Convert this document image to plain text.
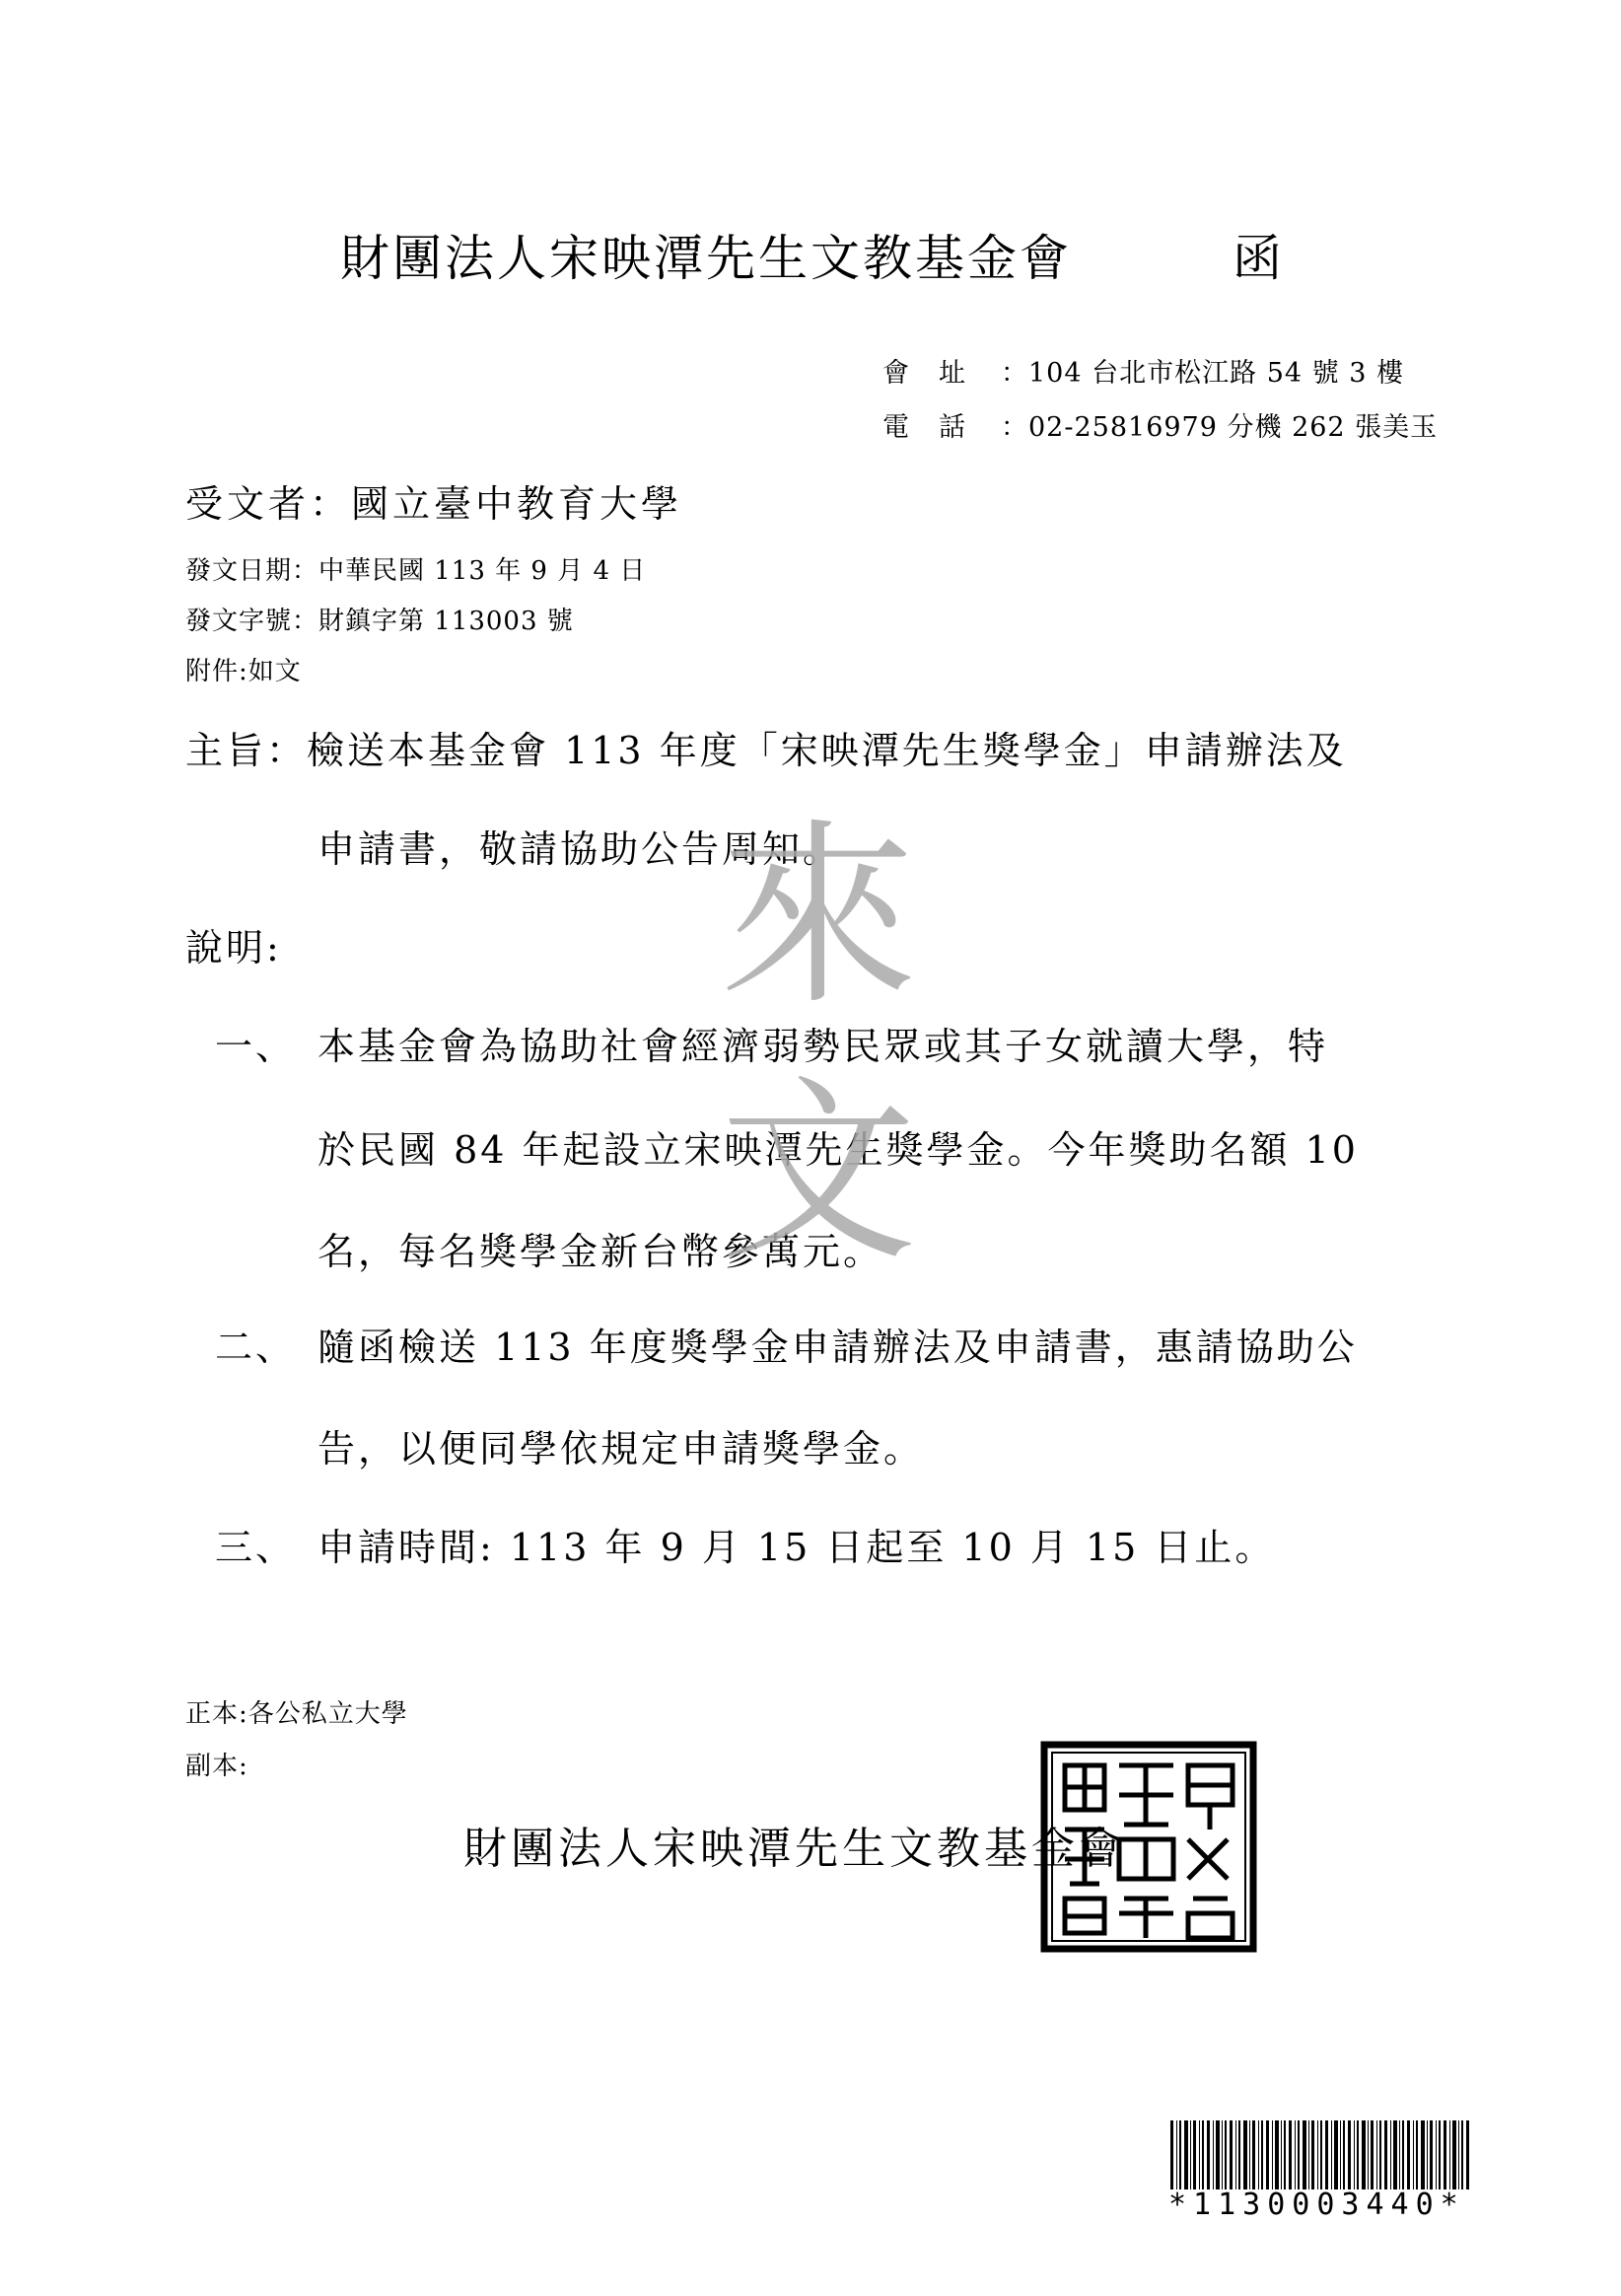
財團法人宋映潭先生文教基金會	函
會址 ：104 台北市松江路 54 號 3 樓
電話 ：02-25816979 分機 262 張美玉
受文者：國立臺中教育大學
發文日期：中華民國 113 年 9 月 4 日
發文字號：財鎮字第 113003 號
附件:如文
主旨：檢送本基金會 113 年度「宋映潭先生獎學金」申請辦法及
申請書，敬請協助公告周知。
說明:
一、 本基金會為協助社會經濟弱勢民眾或其子女就讀大學，特
於民國 84 年起設立宋映潭先生獎學金。今年獎助名額 10
名，每名獎學金新台幣參萬元。
二、 隨函檢送 113 年度獎學金申請辦法及申請書，惠請協助公
告，以便同學依規定申請獎學金。
三、 申請時間: 113 年 9 月 15 日起至 10 月 15 日止。
來文
正本:各公私立大學
副本:
財團法人宋映潭先生文教基金會
*1130003440*
